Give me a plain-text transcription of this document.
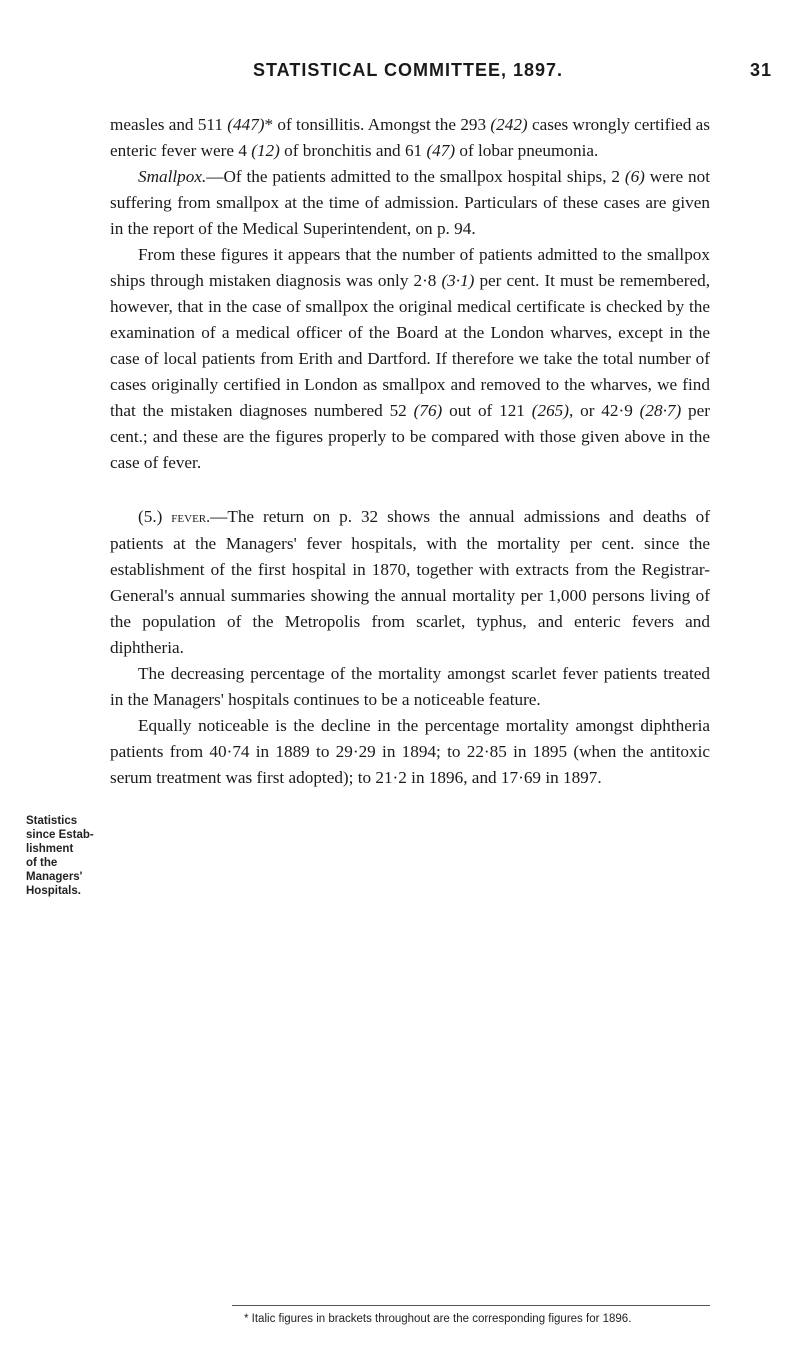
STATISTICAL COMMITTEE, 1897.	31

measles and 511 (447)* of tonsillitis. Amongst the 293 (242) cases wrongly certified as enteric fever were 4 (12) of bronchitis and 61 (47) of lobar pneumonia.

Smallpox.—Of the patients admitted to the smallpox hospital ships, 2 (6) were not suffering from smallpox at the time of admission. Particulars of these cases are given in the report of the Medical Superintendent, on p. 94.

From these figures it appears that the number of patients admitted to the smallpox ships through mistaken diagnosis was only 2·8 (3·1) per cent. It must be remembered, however, that in the case of smallpox the original medical certificate is checked by the examination of a medical officer of the Board at the London wharves, except in the case of local patients from Erith and Dartford. If therefore we take the total number of cases originally certified in London as smallpox and removed to the wharves, we find that the mistaken diagnoses numbered 52 (76) out of 121 (265), or 42·9 (28·7) per cent.; and these are the figures properly to be compared with those given above in the case of fever.

(5.) fever.—The return on p. 32 shows the annual admissions and deaths of patients at the Managers' fever hospitals, with the mortality per cent. since the establishment of the first hospital in 1870, together with extracts from the Registrar-General's annual summaries showing the annual mortality per 1,000 persons living of the population of the Metropolis from scarlet, typhus, and enteric fevers and diphtheria.

The decreasing percentage of the mortality amongst scarlet fever patients treated in the Managers' hospitals continues to be a noticeable feature.

Equally noticeable is the decline in the percentage mortality amongst diphtheria patients from 40·74 in 1889 to 29·29 in 1894; to 22·85 in 1895 (when the antitoxic serum treatment was first adopted); to 21·2 in 1896, and 17·69 in 1897.

Statistics
since Estab-
lishment
of the
Managers'
Hospitals.
* Italic figures in brackets throughout are the corresponding figures for 1896.
